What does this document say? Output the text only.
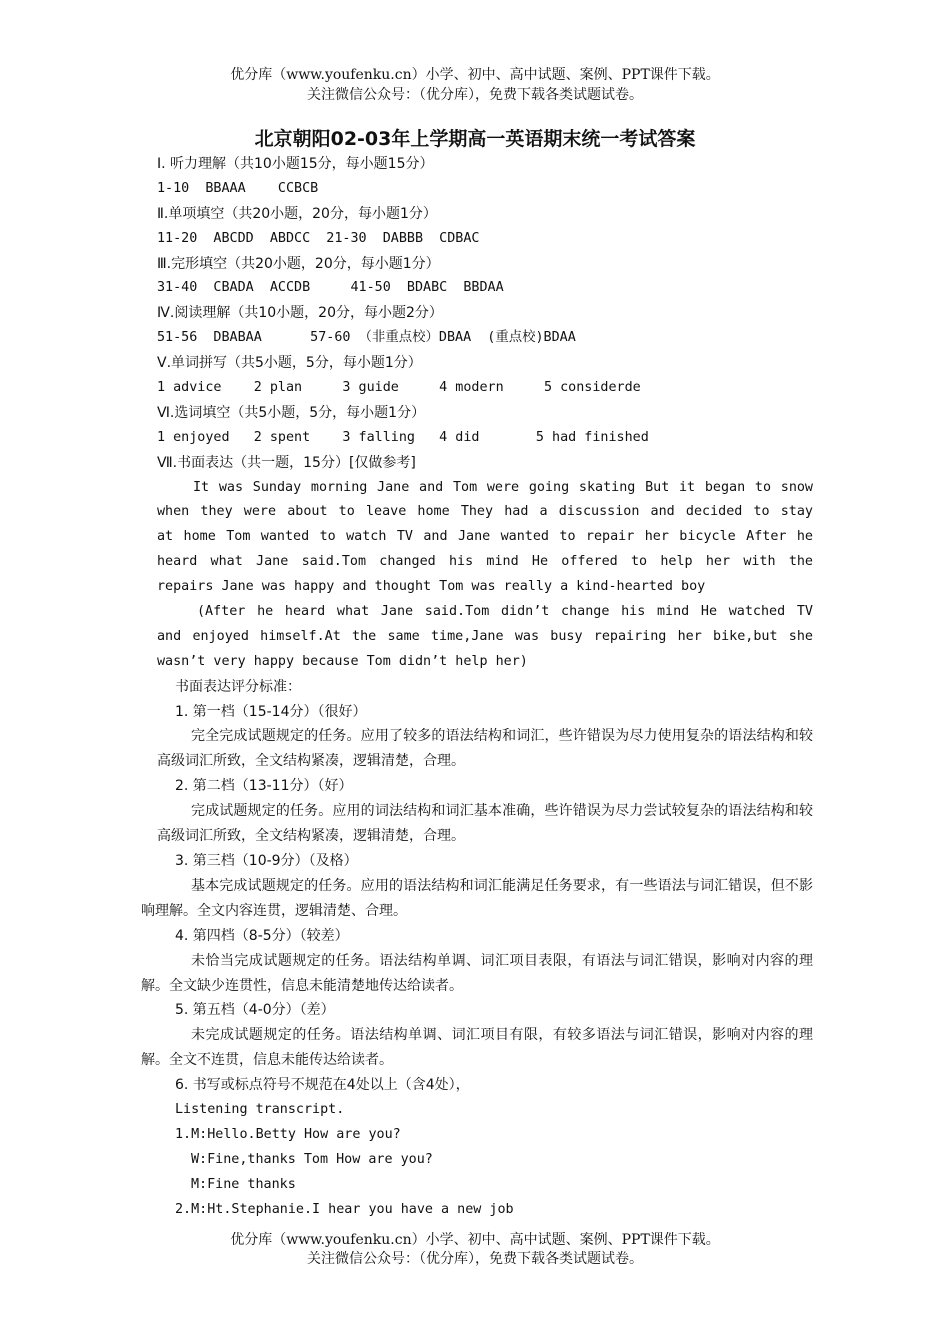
优分库（www.youfenku.cn）小学、初中、高中试题、案例、PPT课件下载。
关注微信公众号：（优分库），免费下载各类试题试卷。
北京朝阳02-03年上学期高一英语期末统一考试答案
Ⅰ. 听力理解（共10小题15分，每小题15分）
1-10  BBAAA    CCBCB
Ⅱ.单项填空（共20小题，20分，每小题1分）
11-20  ABCDD  ABDCC  21-30  DABBB  CDBAC
Ⅲ.完形填空（共20小题，20分，每小题1分）
31-40  CBADA  ACCDB     41-50  BDABC  BBDAA
Ⅳ.阅读理解（共10小题，20分，每小题2分）
51-56  DBABAA      57-60 （非重点校）DBAA  (重点校)BDAA
Ⅴ.单词拼写（共5小题，5分，每小题1分）
1 advice    2 plan     3 guide     4 modern     5 considerde
Ⅵ.选词填空（共5小题，5分，每小题1分）
1 enjoyed   2 spent    3 falling   4 did       5 had finished
Ⅶ.书面表达（共一题，15分）[仅做参考]
It was Sunday morning Jane and Tom were going skating But it began to snow
when they were about to leave home They had a discussion and decided to stay
at home Tom wanted to watch TV and Jane wanted to repair her bicycle After he
heard what Jane said.Tom changed his mind He offered to help her with the
repairs Jane was happy and thought Tom was really a kind-hearted boy
(After he heard what Jane said.Tom didn’t change his mind He watched TV
and enjoyed himself.At the same time,Jane was busy repairing her bike,but she
wasn’t very happy because Tom didn’t help her)
书面表达评分标准：
1. 第一档（15-14分）（很好）
完全完成试题规定的任务。应用了较多的语法结构和词汇，些许错误为尽力使用复杂的语法结构和较高级词汇所致，全文结构紧凑，逻辑清楚，合理。
2. 第二档（13-11分）（好）
完成试题规定的任务。应用的词法结构和词汇基本准确，些许错误为尽力尝试较复杂的语法结构和较高级词汇所致，全文结构紧凑，逻辑清楚，合理。
3. 第三档（10-9分）（及格）
基本完成试题规定的任务。应用的语法结构和词汇能满足任务要求，有一些语法与词汇错误，但不影响理解。全文内容连贯，逻辑清楚、合理。
4. 第四档（8-5分）（较差）
未恰当完成试题规定的任务。语法结构单调、词汇项目表限，有语法与词汇错误，影响对内容的理解。全文缺少连贯性，信息未能清楚地传达给读者。
5. 第五档（4-0分）（差）
未完成试题规定的任务。语法结构单调、词汇项目有限，有较多语法与词汇错误，影响对内容的理解。全文不连贯，信息未能传达给读者。
6. 书写或标点符号不规范在4处以上（含4处），
Listening transcript.
1.M:Hello.Betty How are you?
W:Fine,thanks Tom How are you?
M:Fine thanks
2.M:Ht.Stephanie.I hear you have a new job
优分库（www.youfenku.cn）小学、初中、高中试题、案例、PPT课件下载。
关注微信公众号：（优分库），免费下载各类试题试卷。
